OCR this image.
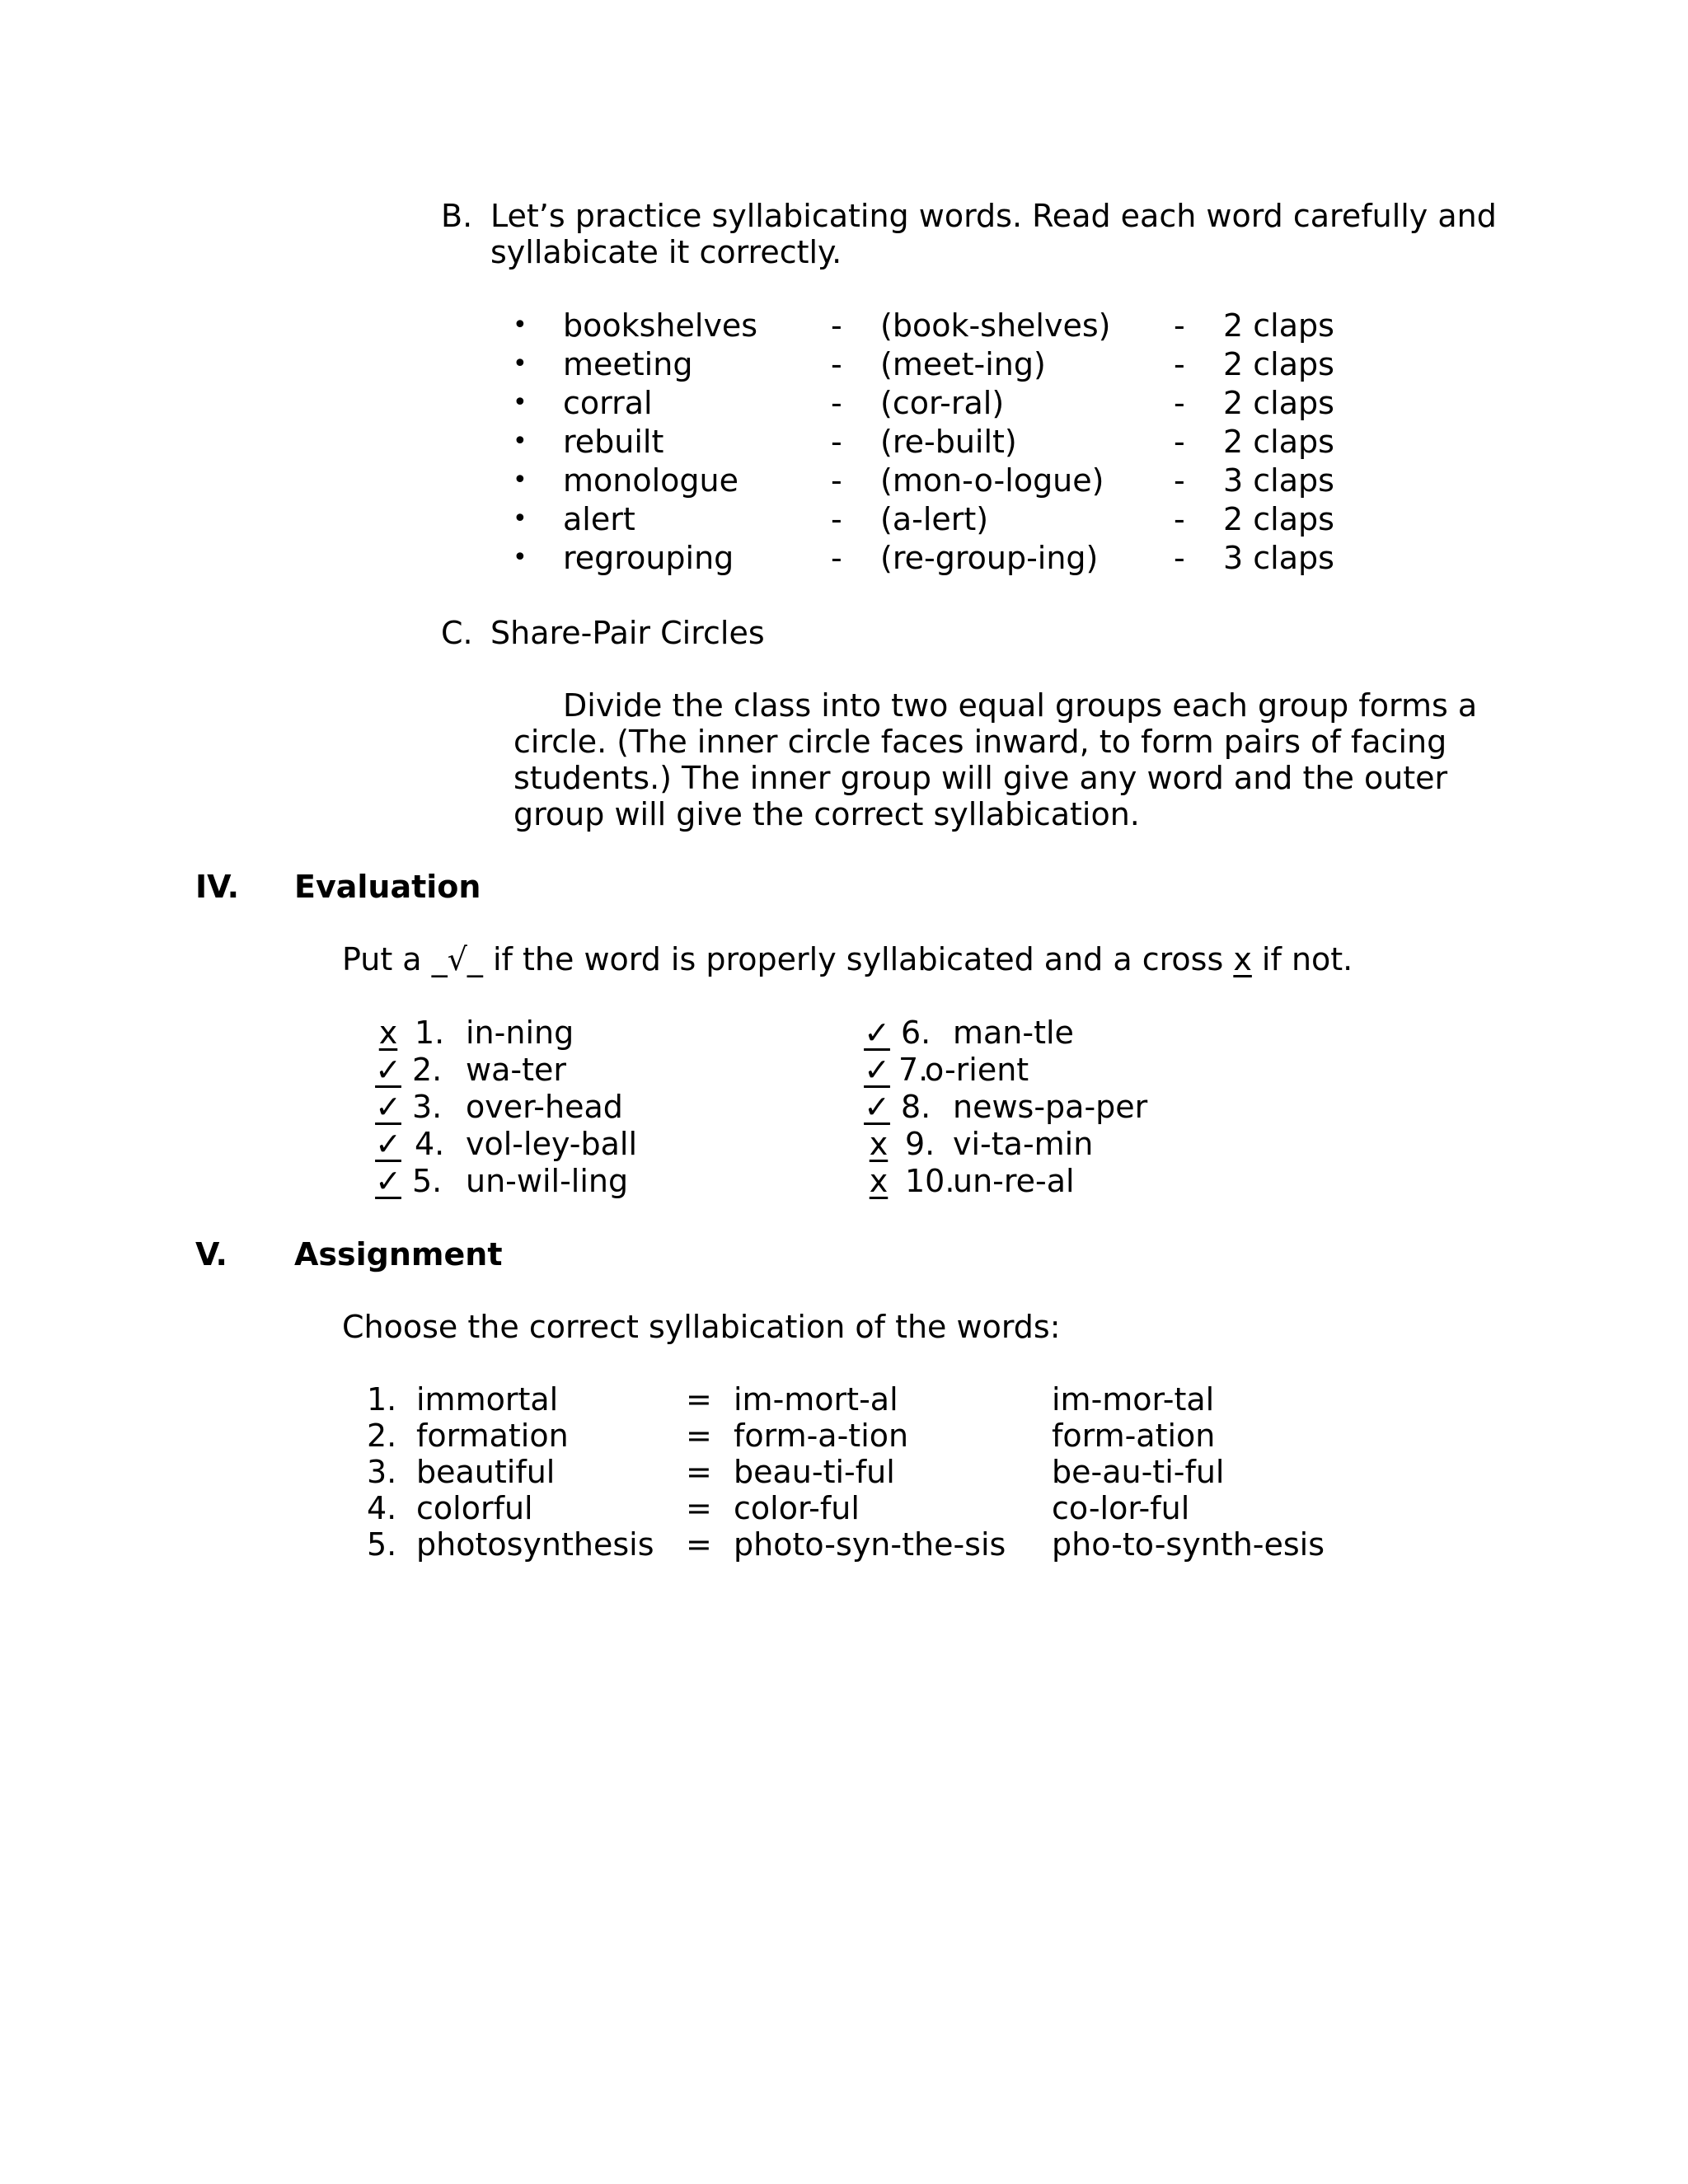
B. Let’s practice syllabicating words. Read each word carefully and
syllabicate it correctly.
• bookshelves - (book-shelves) - 2 claps
• meeting	- (meet-ing)	- 2 claps
• corral	- (cor-ral)	- 2 claps
• rebuilt	- (re-built)	- 2 claps
• monologue	- (mon-o-logue) - 3 claps
• alert	- (a-lert)	- 2 claps
• regrouping	- (re-group-ing) - 3 claps
C. Share-Pair Circles
Divide the class into two equal groups each group forms a
circle. (The inner circle faces inward, to form pairs of facing
students.) The inner group will give any word and the outer
group will give the correct syllabication.
IV. Evaluation
Put a _√_ if the word is properly syllabicated and a cross x if not.
x 1. in-ning
✓ 2. wa-ter
✓ 3. over-head
✓ 4. vol-ley-ball
✓ 5. un-wil-ling
✓ 6. man-tle
✓ 7.
o-rient
✓ 8. news-pa-per
x 9. vi-ta-min
x 10.
un-re-al
V. Assignment
Choose the correct syllabication of the words:
1. immortal	= im-mort-al	im-mor-tal
2. formation	= form-a-tion	form-ation
3. beautiful	= beau-ti-ful	be-au-ti-ful
4. colorful	= color-ful	co-lor-ful
5. photosynthesis = photo-syn-the-sis pho-to-synth-esis
